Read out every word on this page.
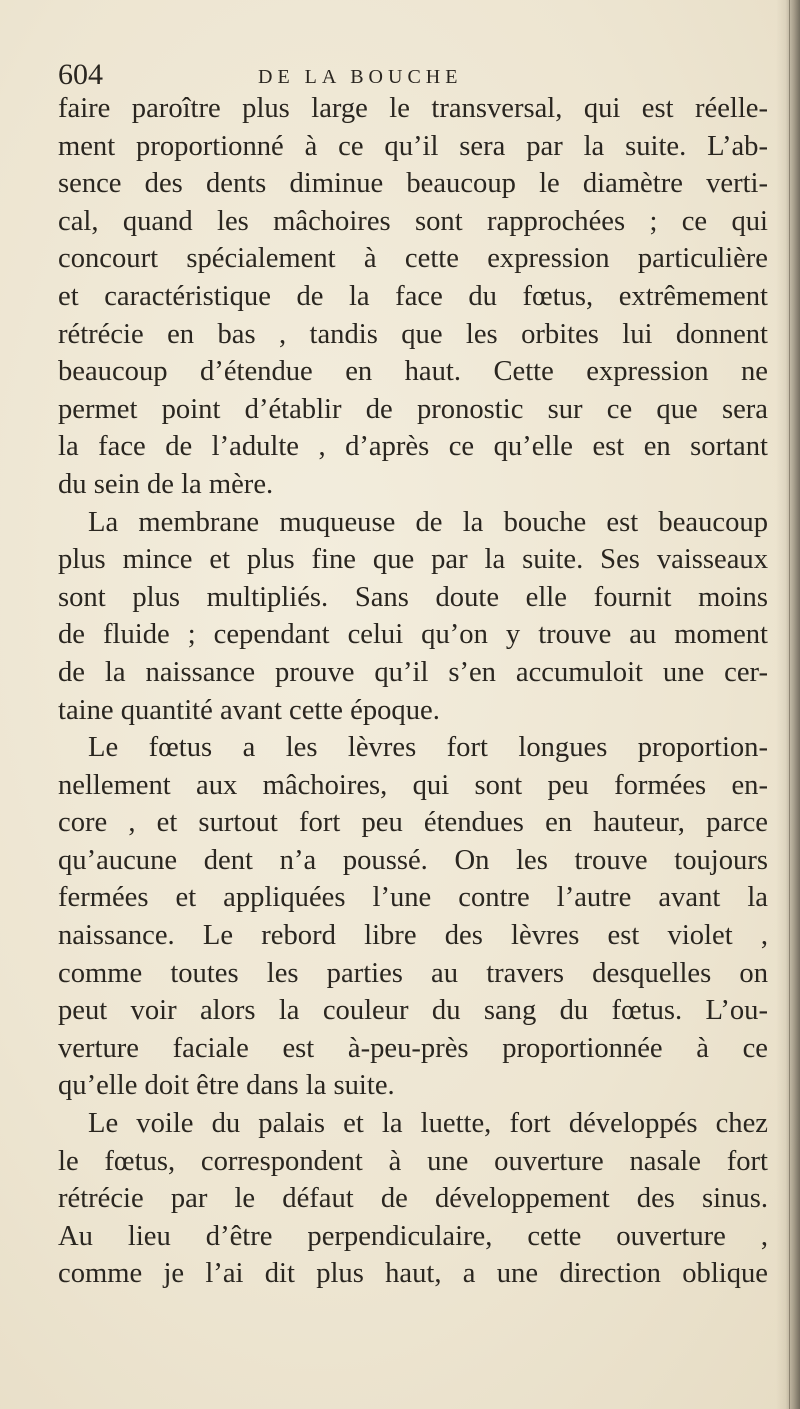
604	DE LA BOUCHE
faire paroître plus large le transversal, qui est réelle-
ment proportionné à ce qu’il sera par la suite. L’ab-
sence des dents diminue beaucoup le diamètre verti-
cal, quand les mâchoires sont rapprochées ; ce qui
concourt spécialement à cette expression particulière
et caractéristique de la face du fœtus, extrêmement
rétrécie en bas , tandis que les orbites lui donnent
beaucoup d’étendue en haut. Cette expression ne
permet point d’établir de pronostic sur ce que sera
la face de l’adulte , d’après ce qu’elle est en sortant
du sein de la mère.
La membrane muqueuse de la bouche est beaucoup
plus mince et plus fine que par la suite. Ses vaisseaux
sont plus multipliés. Sans doute elle fournit moins
de fluide ; cependant celui qu’on y trouve au moment
de la naissance prouve qu’il s’en accumuloit une cer-
taine quantité avant cette époque.
Le fœtus a les lèvres fort longues proportion-
nellement aux mâchoires, qui sont peu formées en-
core , et surtout fort peu étendues en hauteur, parce
qu’aucune dent n’a poussé. On les trouve toujours
fermées et appliquées l’une contre l’autre avant la
naissance. Le rebord libre des lèvres est violet ,
comme toutes les parties au travers desquelles on
peut voir alors la couleur du sang du fœtus. L’ou-
verture faciale est à-peu-près proportionnée à ce
qu’elle doit être dans la suite.
Le voile du palais et la luette, fort développés chez
le fœtus, correspondent à une ouverture nasale fort
rétrécie par le défaut de développement des sinus.
Au lieu d’être perpendiculaire, cette ouverture ,
comme je l’ai dit plus haut, a une direction oblique
